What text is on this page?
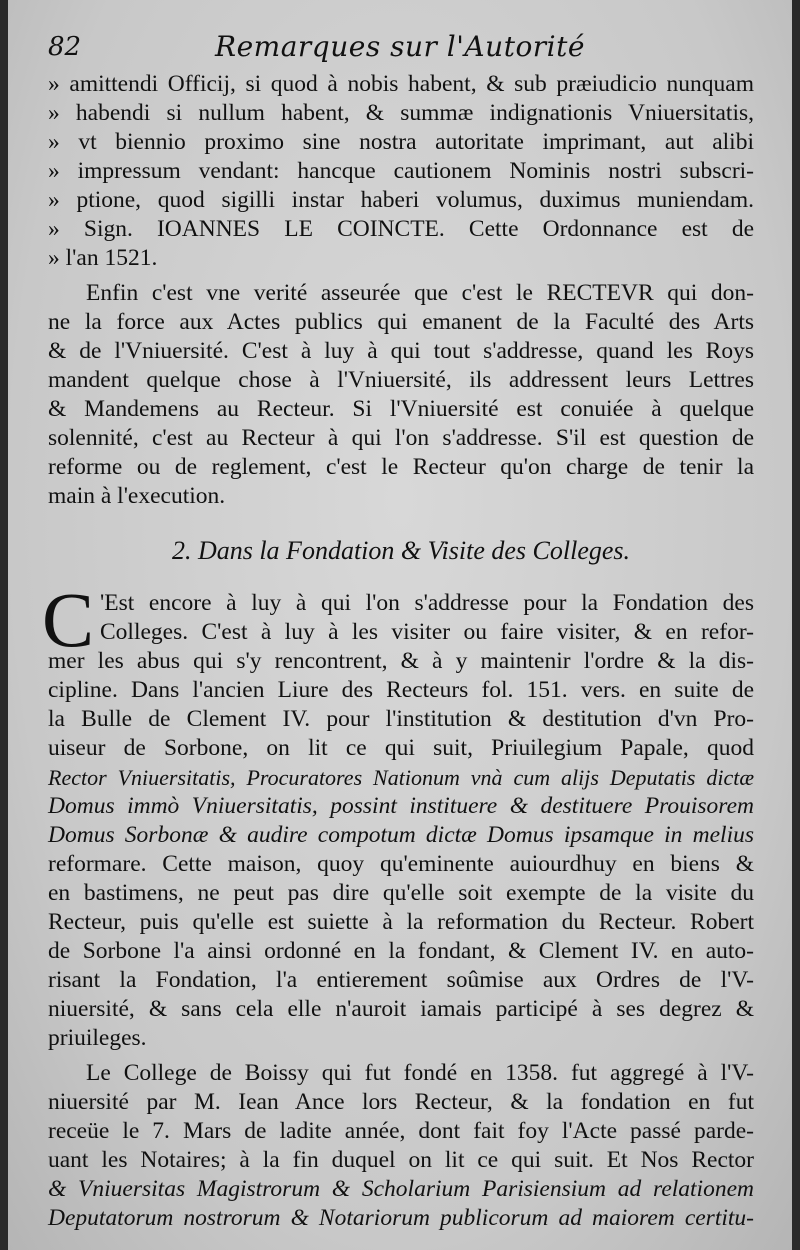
82	Remarques sur l'Autorité
» amittendi Officij, si quod à nobis habent, & sub præiudicio nunquam
» habendi si nullum habent, & summæ indignationis Vniuersitatis,
» vt biennio proximo sine nostra autoritate imprimant, aut alibi
» impressum vendant: hancque cautionem Nominis nostri subscri-
» ptione, quod sigilli instar haberi volumus, duximus muniendam.
» Sign. IOANNES LE COINCTE. Cette Ordonnance est de
» l'an 1521.
Enfin c'est vne verité asseurée que c'est le RECTEVR qui don-
ne la force aux Actes publics qui emanent de la Faculté des Arts
& de l'Vniuersité. C'est à luy à qui tout s'addresse, quand les Roys
mandent quelque chose à l'Vniuersité, ils addressent leurs Lettres
& Mandemens au Recteur. Si l'Vniuersité est conuiée à quelque
solennité, c'est au Recteur à qui l'on s'addresse. S'il est question de
reforme ou de reglement, c'est le Recteur qu'on charge de tenir la
main à l'execution.
2. Dans la Fondation & Visite des Colleges.
C 'Est encore à luy à qui l'on s'addresse pour la Fondation des
Colleges. C'est à luy à les visiter ou faire visiter, & en refor-
mer les abus qui s'y rencontrent, & à y maintenir l'ordre & la dis-
cipline. Dans l'ancien Liure des Recteurs fol. 151. vers. en suite de
la Bulle de Clement IV. pour l'institution & destitution d'vn Pro-
uiseur de Sorbone, on lit ce qui suit, Priuilegium Papale, quod
Rector Vniuersitatis, Procuratores Nationum vnà cum alijs Deputatis dictæ
Domus immò Vniuersitatis, possint instituere & destituere Prouisorem
Domus Sorbonæ & audire compotum dictæ Domus ipsamque in melius
reformare. Cette maison, quoy qu'eminente auiourdhuy en biens &
en bastimens, ne peut pas dire qu'elle soit exempte de la visite du
Recteur, puis qu'elle est suiette à la reformation du Recteur. Robert
de Sorbone l'a ainsi ordonné en la fondant, & Clement IV. en auto-
risant la Fondation, l'a entierement soûmise aux Ordres de l'V-
niuersité, & sans cela elle n'auroit iamais participé à ses degrez &
priuileges.
Le College de Boissy qui fut fondé en 1358. fut aggregé à l'V-
niuersité par M. Iean Ance lors Recteur, & la fondation en fut
receüe le 7. Mars de ladite année, dont fait foy l'Acte passé parde-
uant les Notaires; à la fin duquel on lit ce qui suit. Et Nos Rector
& Vniuersitas Magistrorum & Scholarium Parisiensium ad relationem
Deputatorum nostrorum & Notariorum publicorum ad maiorem certitu-
